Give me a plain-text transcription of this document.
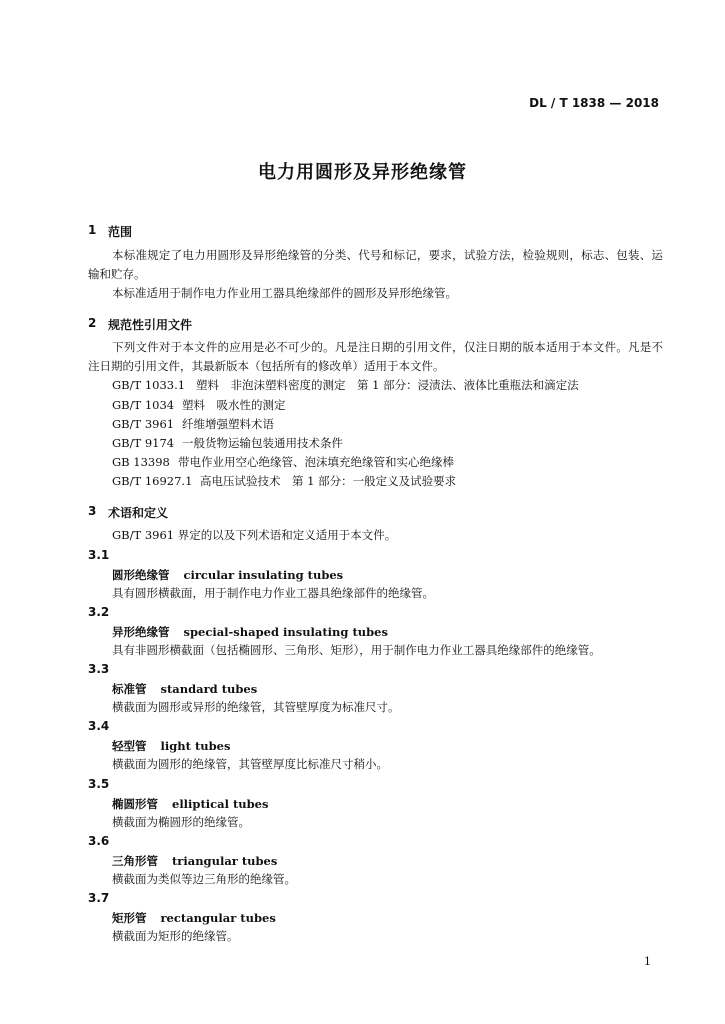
DL / T 1838 — 2018
电力用圆形及异形绝缘管
1 范围
本标准规定了电力用圆形及异形绝缘管的分类、代号和标记，要求，试验方法，检验规则，标志、包装、运输和贮存。
本标准适用于制作电力作业用工器具绝缘部件的圆形及异形绝缘管。
2 规范性引用文件
下列文件对于本文件的应用是必不可少的。凡是注日期的引用文件，仅注日期的版本适用于本文件。凡是不注日期的引用文件，其最新版本（包括所有的修改单）适用于本文件。
GB/T 1033.1 塑料　非泡沫塑料密度的测定　第 1 部分：浸渍法、液体比重瓶法和滴定法
GB/T 1034 塑料　吸水性的测定
GB/T 3961 纤维增强塑料术语
GB/T 9174 一般货物运输包装通用技术条件
GB 13398 带电作业用空心绝缘管、泡沫填充绝缘管和实心绝缘棒
GB/T 16927.1 高电压试验技术　第 1 部分：一般定义及试验要求
3 术语和定义
GB/T 3961 界定的以及下列术语和定义适用于本文件。
3.1
圆形绝缘管 circular insulating tubes
具有圆形横截面，用于制作电力作业工器具绝缘部件的绝缘管。
3.2
异形绝缘管 special-shaped insulating tubes
具有非圆形横截面（包括椭圆形、三角形、矩形），用于制作电力作业工器具绝缘部件的绝缘管。
3.3
标准管 standard tubes
横截面为圆形或异形的绝缘管，其管壁厚度为标准尺寸。
3.4
轻型管 light tubes
横截面为圆形的绝缘管，其管壁厚度比标准尺寸稍小。
3.5
椭圆形管 elliptical tubes
横截面为椭圆形的绝缘管。
3.6
三角形管 triangular tubes
横截面为类似等边三角形的绝缘管。
3.7
矩形管 rectangular tubes
横截面为矩形的绝缘管。
1
